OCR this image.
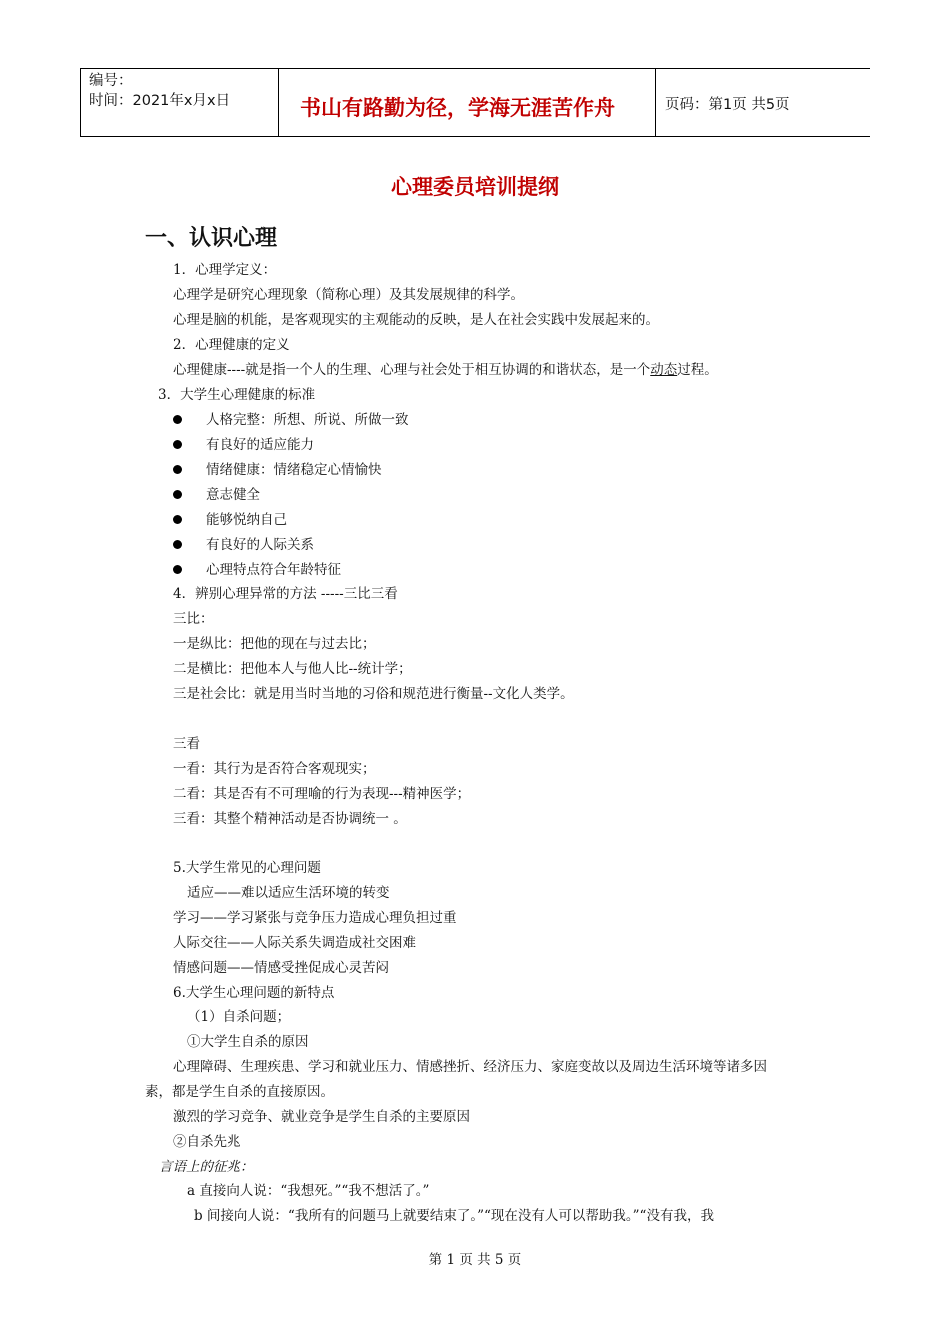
编号：
时间：2021年x月x日	书山有路勤为径，学海无涯苦作舟	页码：第1页 共5页
心理委员培训提纲
一、认识心理
1．心理学定义：
心理学是研究心理现象（简称心理）及其发展规律的科学。
心理是脑的机能，是客观现实的主观能动的反映，是人在社会实践中发展起来的。
2．心理健康的定义
心理健康----就是指一个人的生理、心理与社会处于相互协调的和谐状态，是一个动态过程。
3．大学生心理健康的标准
人格完整：所想、所说、所做一致
有良好的适应能力
情绪健康：情绪稳定心情愉快
意志健全
能够悦纳自己
有良好的人际关系
心理特点符合年龄特征
4．辨别心理异常的方法 -----三比三看
三比：
一是纵比：把他的现在与过去比；
二是横比：把他本人与他人比--统计学；
三是社会比：就是用当时当地的习俗和规范进行衡量--文化人类学。
三看
一看：其行为是否符合客观现实；
二看：其是否有不可理喻的行为表现---精神医学；
三看：其整个精神活动是否协调统一 。
5.大学生常见的心理问题
适应——难以适应生活环境的转变
学习——学习紧张与竞争压力造成心理负担过重
人际交往——人际关系失调造成社交困难
情感问题——情感受挫促成心灵苦闷
6.大学生心理问题的新特点
（1）自杀问题；
①大学生自杀的原因
心理障碍、生理疾患、学习和就业压力、情感挫折、经济压力、家庭变故以及周边生活环境等诸多因
素，都是学生自杀的直接原因。
激烈的学习竞争、就业竞争是学生自杀的主要原因
②自杀先兆
言语上的征兆：
a 直接向人说：“我想死。”“我不想活了。”
b 间接向人说：“我所有的问题马上就要结束了。”“现在没有人可以帮助我。”“没有我，我
第 1 页 共 5 页
